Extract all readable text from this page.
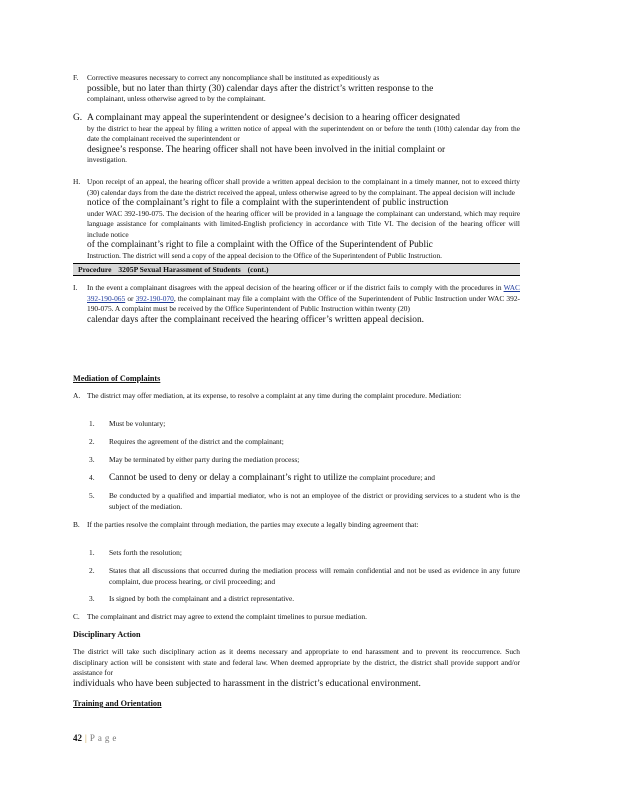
F. Corrective measures necessary to correct any noncompliance shall be instituted as expeditiously as
possible, but no later than thirty (30) calendar days after the district’s written response to the
complainant, unless otherwise agreed to by the complainant.
G. A complainant may appeal the superintendent or designee’s decision to a hearing officer designated
by the district to hear the appeal by filing a written notice of appeal with the superintendent on or before the tenth (10th) calendar day from the date the complainant received the superintendent or
designee’s response. The hearing officer shall not have been involved in the initial complaint or
investigation.
H. Upon receipt of an appeal, the hearing officer shall provide a written appeal decision to the complainant in a timely manner, not to exceed thirty (30) calendar days from the date the district received the appeal, unless otherwise agreed to by the complainant. The appeal decision will include
notice of the complainant’s right to file a complaint with the superintendent of public instruction
under WAC 392-190-075. The decision of the hearing officer will be provided in a language the complainant can understand, which may require language assistance for complainants with limited-English proficiency in accordance with Title VI. The decision of the hearing officer will include notice
of the complainant’s right to file a complaint with the Office of the Superintendent of Public
Instruction. The district will send a copy of the appeal decision to the Office of the Superintendent of Public Instruction.
Procedure 3205P Sexual Harassment of Students (cont.)
I. In the event a complainant disagrees with the appeal decision of the hearing officer or if the district fails to comply with the procedures in WAC 392-190-065 or 392-190-070, the complainant may file a complaint with the Office of the Superintendent of Public Instruction under WAC 392-190-075. A complaint must be received by the Office Superintendent of Public Instruction within twenty (20)
calendar days after the complainant received the hearing officer’s written appeal decision.
Mediation of Complaints
A. The district may offer mediation, at its expense, to resolve a complaint at any time during the complaint procedure. Mediation:
1. Must be voluntary;
2. Requires the agreement of the district and the complainant;
3. May be terminated by either party during the mediation process;
4. Cannot be used to deny or delay a complainant’s right to utilize the complaint procedure; and
5. Be conducted by a qualified and impartial mediator, who is not an employee of the district or providing services to a student who is the subject of the mediation.
B. If the parties resolve the complaint through mediation, the parties may execute a legally binding agreement that:
1. Sets forth the resolution;
2. States that all discussions that occurred during the mediation process will remain confidential and not be used as evidence in any future complaint, due process hearing, or civil proceeding; and
3. Is signed by both the complainant and a district representative.
C. The complainant and district may agree to extend the complaint timelines to pursue mediation.
Disciplinary Action
The district will take such disciplinary action as it deems necessary and appropriate to end harassment and to prevent its reoccurrence. Such disciplinary action will be consistent with state and federal law. When deemed appropriate by the district, the district shall provide support and/or assistance for
individuals who have been subjected to harassment in the district’s educational environment.
Training and Orientation
42 | Page
